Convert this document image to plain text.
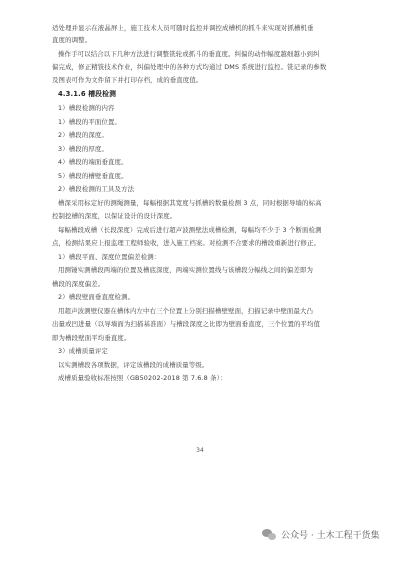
适处理并显示在液晶屏上，施工技术人员可随时监控并调控成槽机的抓斗来实现对抓槽机垂
直度的调整。
操作手可以结合以下几种方法进行调整铣轮或抓斗的垂直度。纠偏的动作幅度越细越小到纠
偏完成，修正精铣技术作业，纠偏处理中的各种方式均通过 DMS 系统进行监控。铣记录的参数
及图表可作为文件留下并打印存档，成的垂直度值。
4.3.1.6 槽段检测
1）槽段检测的内容
1）槽段的平面位置。
2）槽段的深度。
3）槽段的厚度。
4）槽段的端面垂直度。
5）槽段的槽壁垂直度。
2）槽段检测的工具及方法
槽深采用标定好的测绳测量，每幅根据其宽度与抓槽的数量检测 3 点，同时根据导墙的标高
控制挖槽的深度，以保证设计的设计深度。
每幅槽段成槽（长段深度）完成后进行超声波测壁法成槽检测，每幅均不少于 3 个断面检测
点，检测结果应上报监理工程师验收，进入施工档案。对检测不合要求的槽段重新进行修正。
1）槽段平面、深度位置偏差检测：
用测锤实测槽段两端的位置及槽底深度，两端实测位置线与该槽段分幅线之间的偏差即为
槽段的深度偏差。
2）槽段壁面垂直度检测。
用超声波测壁仪器在槽体内左中右三个位置上分别扫描槽壁壁面，扫描记录中壁面最大凸
出量或凹进量（以导墙面为扫描基准面）与槽段深度之比即为壁面垂直度，三个位置的平均值
即为槽段壁面平均垂直度。
3）成槽质量评定
以实测槽段各项数据，评定该槽段的成槽质量等级。
成槽质量验收标准按照（GB50202-2018 第 7.6.8 条）：
34
公众号 · 土木工程干货集
